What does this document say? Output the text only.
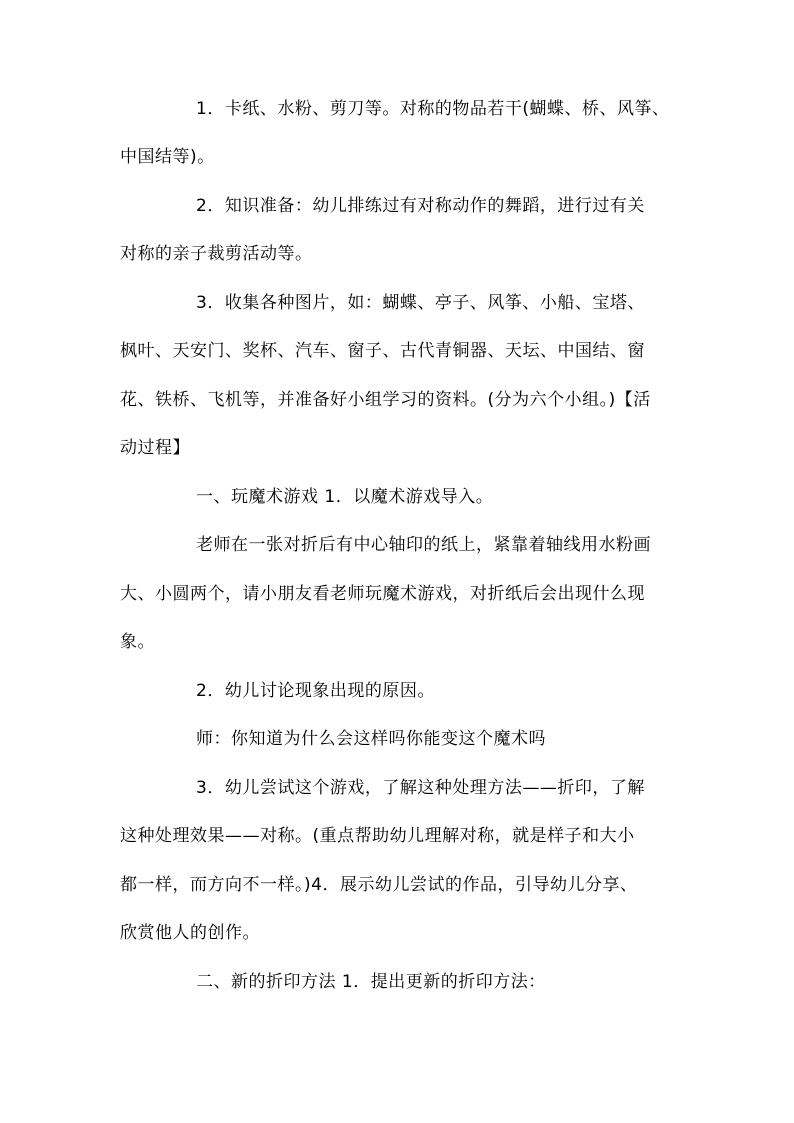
1．卡纸、水粉、剪刀等。对称的物品若干(蝴蝶、桥、风筝、
中国结等)。
2．知识准备：幼儿排练过有对称动作的舞蹈，进行过有关
对称的亲子裁剪活动等。
3．收集各种图片，如：蝴蝶、亭子、风筝、小船、宝塔、
枫叶、天安门、奖杯、汽车、窗子、古代青铜器、天坛、中国结、窗
花、铁桥、飞机等，并准备好小组学习的资料。(分为六个小组。)【活
动过程】
一、玩魔术游戏 1．以魔术游戏导入。
老师在一张对折后有中心轴印的纸上，紧靠着轴线用水粉画
大、小圆两个，请小朋友看老师玩魔术游戏，对折纸后会出现什么现
象。
2．幼儿讨论现象出现的原因。
师：你知道为什么会这样吗你能变这个魔术吗
3．幼儿尝试这个游戏，了解这种处理方法——折印，了解
这种处理效果——对称。(重点帮助幼儿理解对称，就是样子和大小
都一样，而方向不一样。)4．展示幼儿尝试的作品，引导幼儿分享、
欣赏他人的创作。
二、新的折印方法 1．提出更新的折印方法：
